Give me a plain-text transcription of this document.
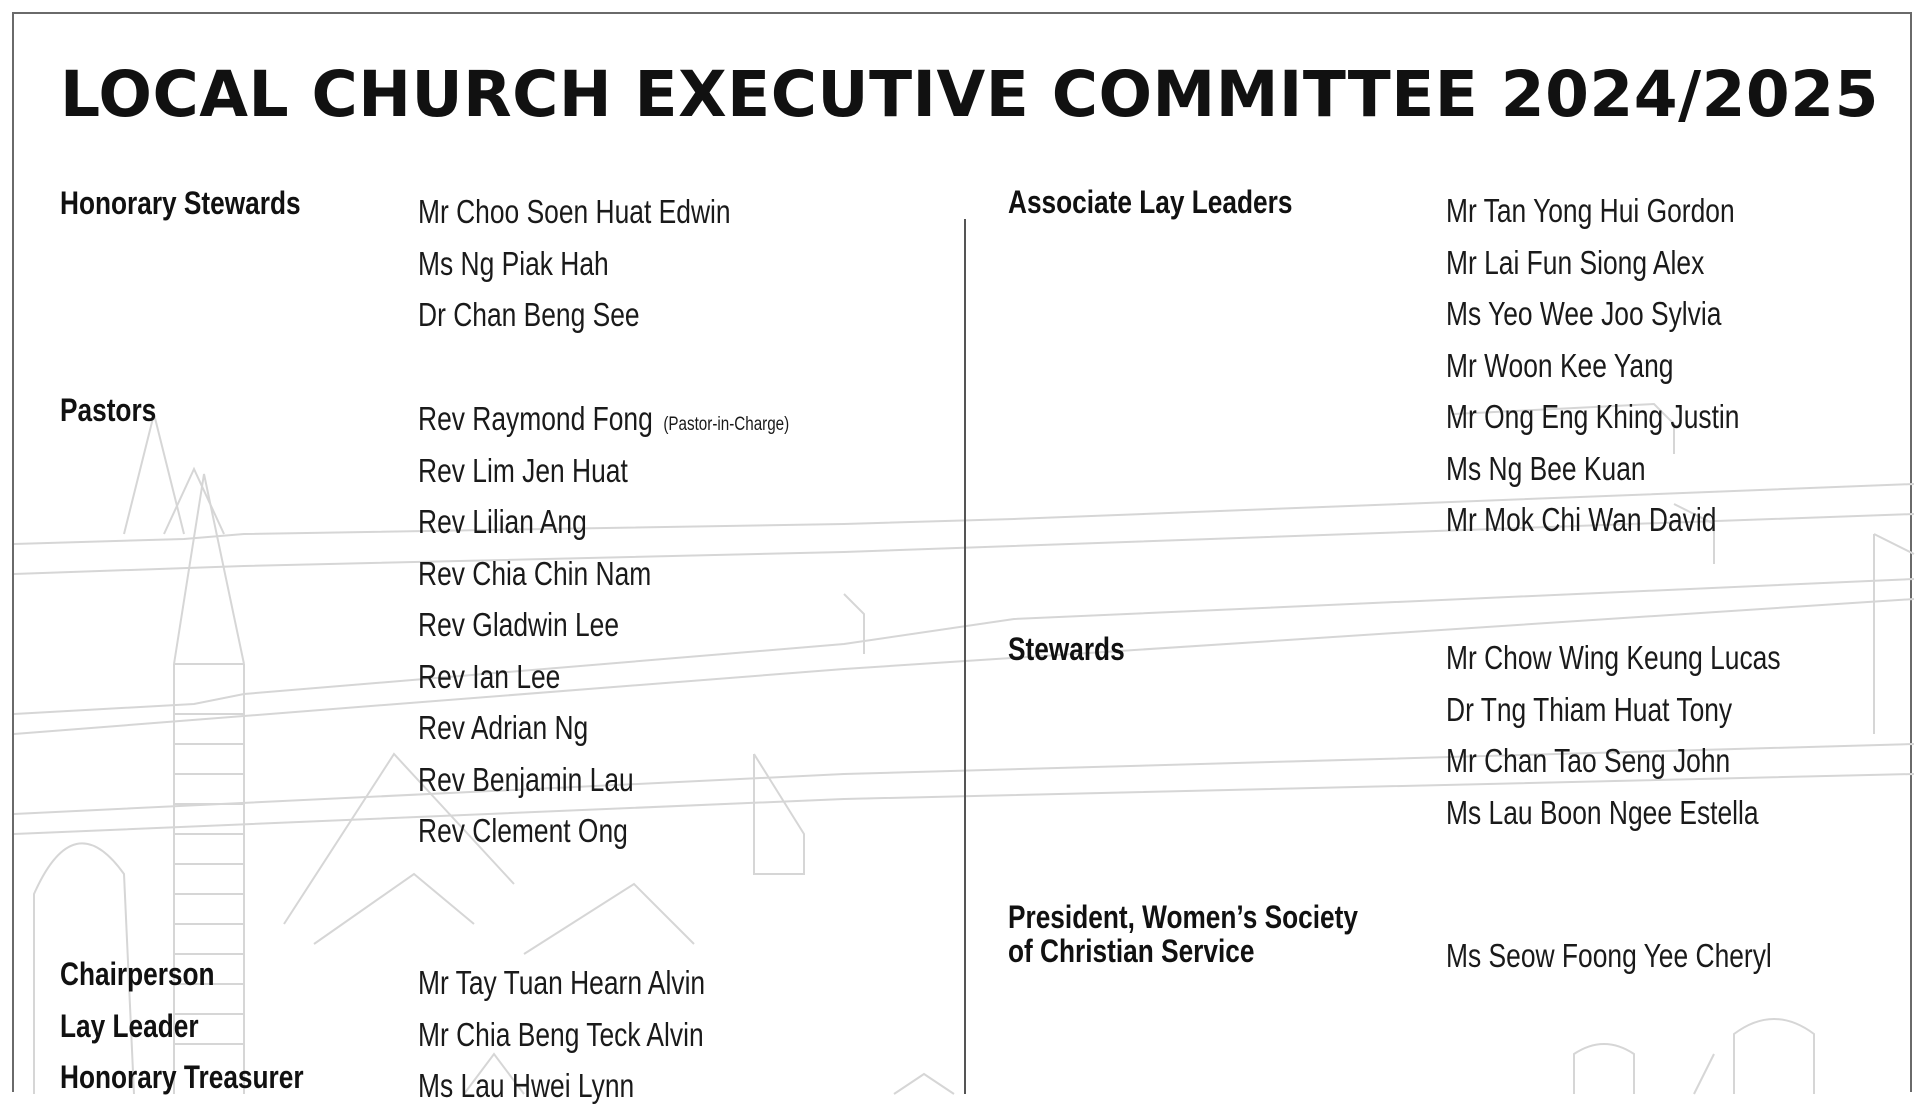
LOCAL CHURCH EXECUTIVE COMMITTEE 2024/2025
Honorary Stewards	Mr Choo Soen Huat Edwin
Ms Ng Piak Hah
Dr Chan Beng See
Pastors	Rev Raymond Fong (Pastor-in-Charge)
Rev Lim Jen Huat
Rev Lilian Ang
Rev Chia Chin Nam
Rev Gladwin Lee
Rev Ian Lee
Rev Adrian Ng
Rev Benjamin Lau
Rev Clement Ong
Chairperson	Mr Tay Tuan Hearn Alvin
Lay Leader	Mr Chia Beng Teck Alvin
Honorary Treasurer	Ms Lau Hwei Lynn
Associate Lay Leaders	Mr Tan Yong Hui Gordon
Mr Lai Fun Siong Alex
Ms Yeo Wee Joo Sylvia
Mr Woon Kee Yang
Mr Ong Eng Khing Justin
Ms Ng Bee Kuan
Mr Mok Chi Wan David
Stewards	Mr Chow Wing Keung Lucas
Dr Tng Thiam Huat Tony
Mr Chan Tao Seng John
Ms Lau Boon Ngee Estella
President, Women’s Society
of Christian Service	Ms Seow Foong Yee Cheryl
